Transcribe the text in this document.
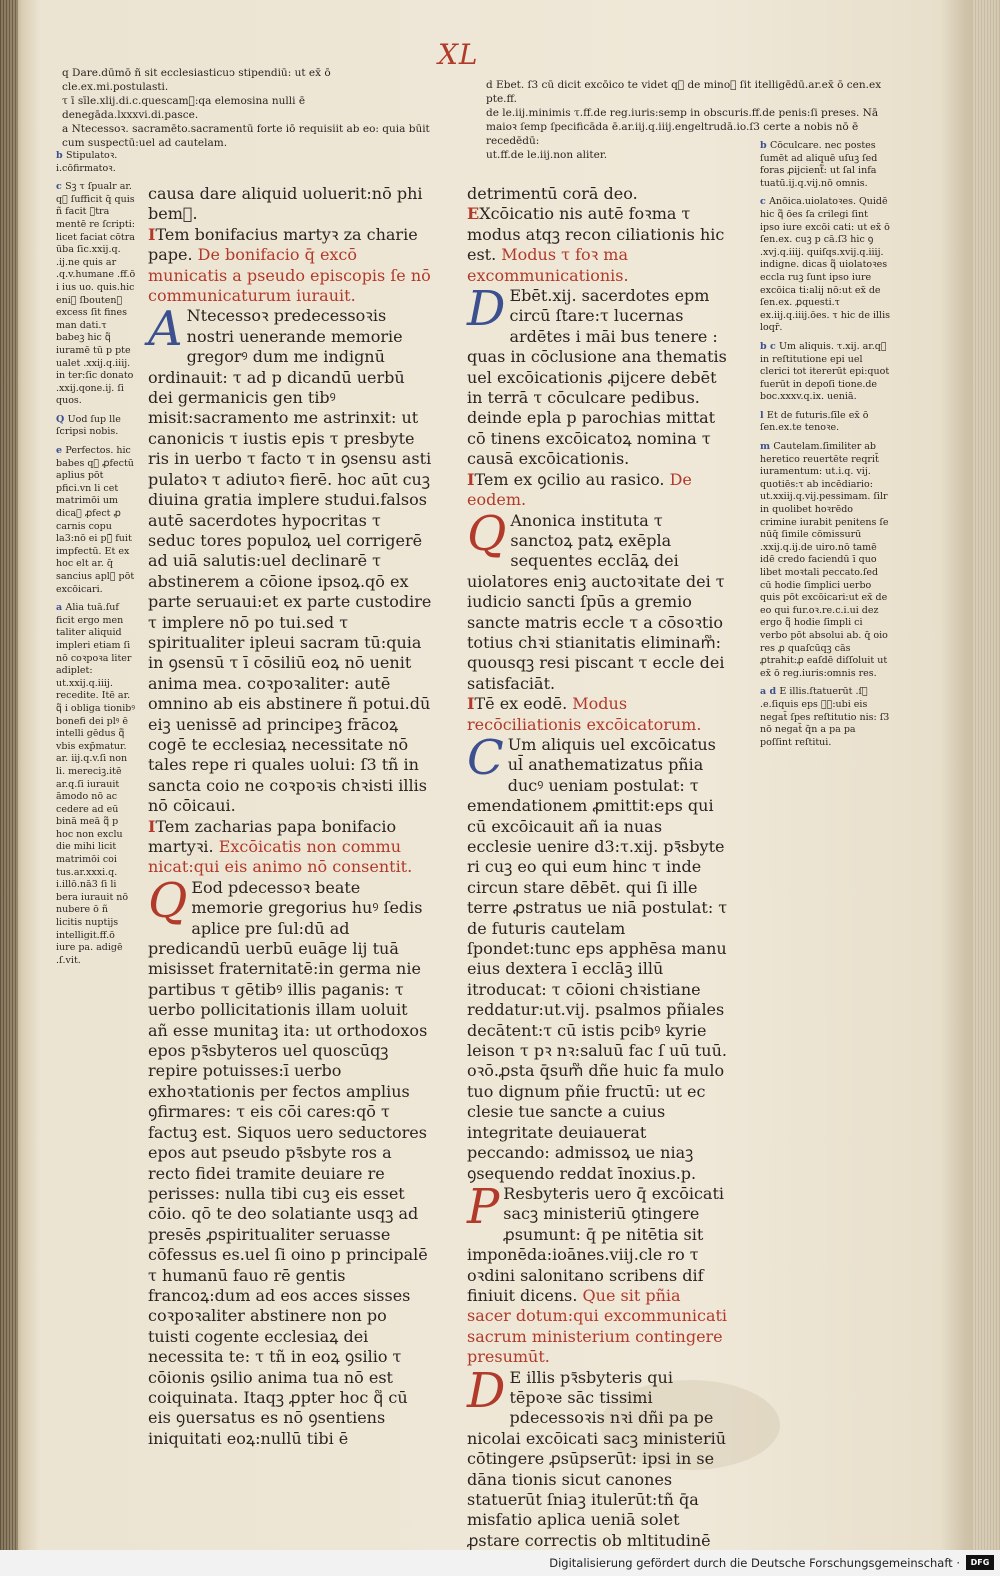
XL
q Dare.dūmō ñ sit ecclesiasticuↄ stipendiū: ut ex̄ ō cle.ex.mi.postulasti.
τ ī sīle.xlij.di.c.quescam᷑:qa elemosina nulli ē denegāda.lxxxvi.di.pasce.
a Ntecessoꝛ. sacramēto.sacramentū forte iō requisiit ab eo: quia būit
cum suspectū:uel ad cautelam.
d Ebet. ſ3 cū dicit excōico te videt q᷑ de minoꝝ ſit itelligēdū.ar.ex̄ ō cen.ex pte.ff.
de le.iij.minimis τ.ff.de reg.iuris:semp in obscuris.ff.de penis:ſi preses. Nā
maioꝛ ſemp ſpecificāda ē.ar.iij.q.iiij.engeltrudā.io.ſ3 certe a nobis nō ē recedēdū:
ut.ff.de le.iij.non aliter.
b Stipulatoꝛ. i.cōfirmatoꝛ.
c Sꝫ τ ſpualr ar. q᷑ ſufficit q̄ quis ñ facit ꝯtra mentē re ſcripti: licet faciat cōtra ūba ſic.xxij.q. .ij.ne quis ar .q.v.humane .ff.ō i ius uo. quis.hic eniꝫ ſbouten᷑ excess ſit fines man dati.τ babeꝫ hic q᷑ iuramē tū p pte ualet .xxij.q.iiij. in ter:ſic donato .xxij.qone.ij. ſi quos.
Q Uod ſup lle ſcripsi nobis.
e Perfectos. hic babes q᷑ ꝓfectū aplius pōt pfici.vn li cet matrimōi um dicaꝫ ꝓfect ꝓ carnis copu la3:nō ei pꝛ̄ fuit impfectū. Et ex hoc elt ar. q̄ sancius aplꝰ pōt excōicari.
a Alia tuā.ſuf ficit ergo men taliter aliquid impleri etiam ſi nō coꝛpoꝛa liter adiplet: ut.xxij.q.iiij. recedite. Itē ar. q᷑ i obliga tionibꝰ bonefi dei plꝰ ē intelli gēdus q᷑ vbis exp̄matur. ar. iij.q.v.ſi non li. mereciꝫ.itē ar.q.ſi iurauit āmodo nō ac cedere ad eū binā meā q᷑ p hoc non exclu die mihi licit matrimōi coi tus.ar.xxxi.q. i.illō.nā3 ſi li bera iurauit nō nubere ō ñ licitis nuptijs intelligit.ff.ō iure pa. adigē .ſ.vit.
b Cōculcare. nec postes ſumēt ad aliquē uſuꝫ ſed foras ꝓijcient᷑: ut ſal infa tuatū.ij.q.vij.nō omnis.
c Anōica.uiolatoꝛes. Quidē hic q᷑ ōes ſa crilegi ſint ipso iure excōi cati: ut ex̄ ō ſen.ex. cuꝫ p cā.ſ3 hic ꝯ .xvj.q.iiij. quiſqs.xvij.q.iiij. indigne. dicas q᷑ uiolatoꝛes eccla ruꝫ ſunt ipso iure excōica ti:alij nō:ut ex̄ de ſen.ex. ꝓquesti.τ ex.iij.q.iiij.ōes. τ hic de illis loqr̄.
b c Um aliquis. τ.xij. ar.q᷑ in reſtitutione epi uel clerici tot itererūt epi:quot fuerūt in depoſi tione.de boc.xxxv.q.ix. ueniā.
l Et de futuris.ſīle ex̄ ō ſen.ex.te tenoꝛe.
m Cautelam.ſimiliter ab heretico reuertēte reqrit̄ iuramentum: ut.i.q. vij. quotiēs:τ ab incēdiario: ut.xxiij.q.vij.pessimam. ſilr in quolibet hoꝛrēdo crimine iurabit penitens ſe nūq̄ ſimile cōmissurū .xxij.q.ij.de uiro.nō tamē idē credo faciendū ī quo libet moꝛtali peccato.ſed cū hodie ſimplici uerbo quis pōt excōicari:ut ex̄ de eo qui fur.oꝛ.re.c.i.ui dez ergo q᷑ hodie ſimpli ci verbo pōt absolui ab. q̄ oio res ꝓ quaſcūqꝫ cās ꝓtrahit:ꝓ eaſdē diſſoluit ut ex̄ ō reg.iuris:omnis res.
a d E illis.ſtatuerūt .ſ᷑ .e.ſiquis eps ꝓᷦ:ubi eis negat̄ ſpes reſtitutio nis: ſ3 nō negat̄ q̄n a pa pa poſſint reſtitui.

causa dare aliquid uoluerit:nō phi bem᷑.

ITem bonifacius martyꝛ za charie pape. De bonifacio q̄ excō municatis a pseudo episcopis ſe nō communicaturum iurauit.

A Ntecessoꝛ predecessoꝛis nostri uenerande memorie gregorꝰ dum me indignū ordinauit: τ ad p dicandū uerbū dei germanicis gen tibꝰ misit:sacramento me astrinxit: ut canonicis τ iustis epis τ presbyte ris in uerbo τ facto τ in ꝯsensu asti pulatoꝛ τ adiutoꝛ fierē. hoc aūt cuꝫ diuina gratia implere studui.falsos autē sacerdotes hypocritas τ seduc tores populoꝝ uel corrigerē ad uiā salutis:uel declinarē τ abstinerem a cōione ipsoꝝ.qō ex parte seruaui:et ex parte custodire τ implere nō po tui.sed τ spiritualiter ipleui sacram tū:quia in ꝯsensū τ ī cōsiliū eoꝝ nō uenit anima mea. coꝛpoꝛaliter: autē omnino ab eis abstinere ñ potui.dū eiꝫ uenissē ad principeꝫ frācoꝝ cogē te ecclesiaꝝ necessitate nō tales repe ri quales uolui: ſ3 tñ in sancta coio ne coꝛpoꝛis chꝛisti illis nō cōicaui.

ITem zacharias papa bonifacio martyꝛi. Excōicatis non commu nicat:qui eis animo nō consentit.

Q Eod pdecessoꝛ beate memorie gregorius huꝰ ſedis aplice pre ſul:dū ad predicandū uerbū euāge lij tuā misisset fraternitatē:in germa nie partibus τ gētibꝰ illis paganis: τ uerbo pollicitationis illam uoluit añ esse munitaꝫ ita: ut orthodoxos epos pꝛ̄sbyteros uel quoscūqꝫ repire potuisses:ī uerbo exhoꝛtationis per fectos amplius ꝯfirmares: τ eis cōi cares:qō τ factuꝫ est. Siquos uero seductores epos aut pseudo pꝛ̄sbyte ros a recto fidei tramite deuiare re perisses: nulla tibi cuꝫ eis esset cōio. qō te deo solatiante usqꝫ ad presēs ꝓspiritualiter seruasse cōfessus es.uel ſi oino p principalē τ humanū fauo rē gentis francoꝝ:dum ad eos acces sisses coꝛpoꝛaliter abstinere non po tuisti cogente ecclesiaꝝ dei necessita te: τ tñ in eoꝝ ꝯsilio τ cōionis ꝯsilio anima tua nō est coiquinata. Itaqꝫ ꝓpter hoc q᷑ cū eis ꝯuersatus es nō ꝯsentiens iniquitati eoꝝ:nullū tibi ē

detrimentū corā deo. EXcōicatio nis autē foꝛma τ modus atqꝫ recon ciliationis hic est. Modus τ foꝛ ma excommunicationis.

D Ebēt.xij. sacerdotes epm circū ſtare:τ lucernas ardētes i māi bus tenere : quas in cōclusione ana thematis uel excōicationis ꝓijcere debēt in terrā τ cōculcare pedibus. deinde epla p parochias mittat cō tinens excōicatoꝝ nomina τ causā excōicationis.

ITem ex ꝯcilio au rasico. De eodem.

Q Anonica instituta τ sanctoꝝ patꝝ exēpla sequentes ecclāꝝ dei uiolatores eniꝫ auctoꝛitate dei τ iudicio sancti ſpūs a gremio sancte matris eccle τ a cōsoꝛtio totius chꝛi stianitatis eliminam᷑: quousqꝫ resi piscant τ eccle dei satisfaciāt.

ITē ex eodē. Modus recōciliationis excōicatorum.

C Um aliquis uel excōicatus ul̄ anathematizatus pñia ducꝰ ueniam postulat: τ emendationem ꝓmittit:eps qui cū excōicauit añ ia nuas ecclesie uenire d3:τ.xij. pꝛ̄sbyte ri cuꝫ eo qui eum hinc τ inde circun stare dēbēt. qui ſi ille terre ꝓstratus ue niā postulat: τ de futuris cautelam ſpondet:tunc eps apphēsa manu eius dextera ī ecclāꝫ illū itroducat: τ cōioni chꝛistiane reddatur:ut.vij. psalmos pñiales decātent:τ cū istis pcibꝰ kyrie leison τ pꝛ nꝛ:saluū fac ſ uū tuū. oꝛō.ꝓsta q̄sum᷑ dñe huic fa mulo tuo dignum pñie fructū: ut ec clesie tue sancte a cuius integritate deuiauerat peccando: admissoꝝ ue niaꝫ ꝯsequendo reddat īnoxius.p.

P Resbyteris uero q̄ excōicati sacꝫ ministeriū ꝯtingere ꝓsumunt: q̄ pe nitētia sit imponēda:ioānes.viij.cle ro τ oꝛdini salonitano scribens dif finiuit dicens. Que sit pñia sacer dotum:qui excommunicati sacrum ministerium contingere presumūt.

D E illis pꝛ̄sbyteris qui tēpoꝛe sāc tissimi pdecessoꝛis nꝛi dñi pa pe nicolai excōicati sacꝫ ministeriū cōtingere ꝓsūpserūt: ipsi in se dāna tionis sicut canones statuerūt ſniaꝫ itulerūt:tñ q̄a misfatio aplica ueniā solet ꝓstare correctis ob mltitudinē

Digitalisierung gefördert durch die Deutsche Forschungsgemeinschaft ·	DFG
